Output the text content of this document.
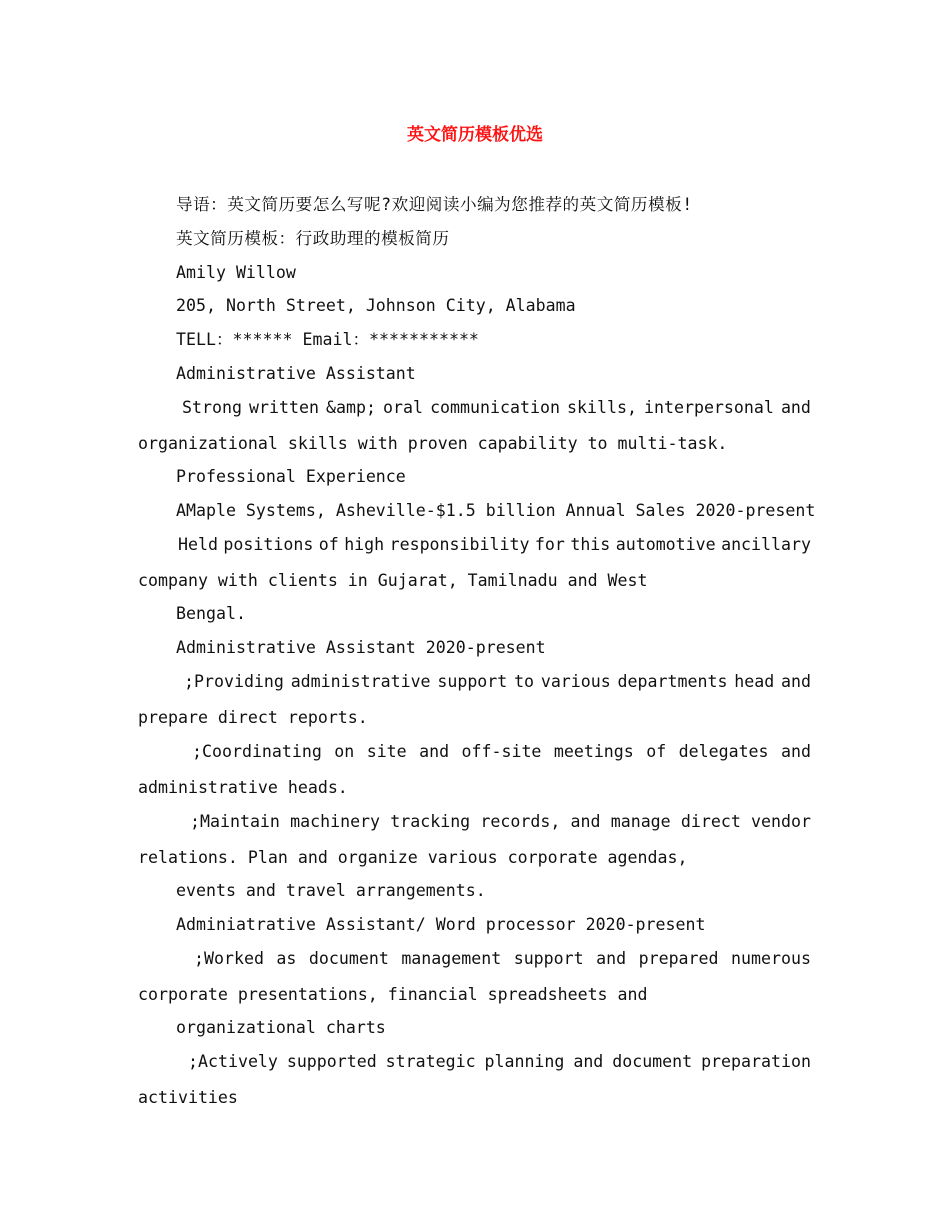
英文简历模板优选
导语：英文简历要怎么写呢?欢迎阅读小编为您推荐的英文简历模板!
英文简历模板：行政助理的模板简历
Amily Willow
205, North Street, Johnson City, Alabama
TELL：****** Email：***********
Administrative Assistant
Strong written &amp; oral communication skills, interpersonal and
organizational skills with proven capability to multi-task.
Professional Experience
AMaple Systems, Asheville-$1.5 billion Annual Sales 2020-present
Held positions of high responsibility for this automotive ancillary
company with clients in Gujarat, Tamilnadu and West
Bengal.
Administrative Assistant 2020-present
;Providing administrative support to various departments head and
prepare direct reports.
;Coordinating on site and off-site meetings of delegates and
administrative heads.
;Maintain machinery tracking records, and manage direct vendor
relations. Plan and organize various corporate agendas,
events and travel arrangements.
Adminiatrative Assistant/ Word processor 2020-present
;Worked as document management support and prepared numerous
corporate presentations, financial spreadsheets and
organizational charts
;Actively supported strategic planning and document preparation
activities
